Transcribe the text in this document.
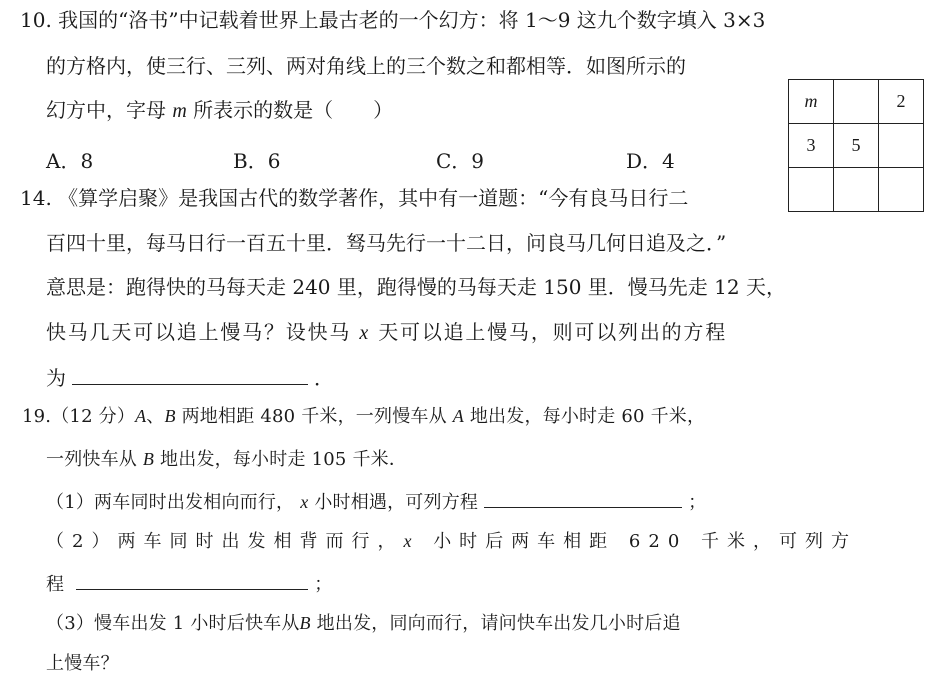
10. 我国的“洛书”中记载着世界上最古老的一个幻方：将 1～9 这九个数字填入 3×3
的方格内，使三行、三列、两对角线上的三个数之和都相等．如图所示的
幻方中，字母 m 所表示的数是（　　）
A．8	B．6	C．9	D．4
m		2
3	5	

14. 《算学启聚》是我国古代的数学著作，其中有一道题：“今有良马日行二
百四十里，每马日行一百五十里．驽马先行一十二日，问良马几何日追及之．”
意思是：跑得快的马每天走 240 里，跑得慢的马每天走 150 里．慢马先走 12 天，
快马几天可以追上慢马？设快马 x 天可以追上慢马，则可以列出的方程
为	．
19.（12 分）A、B 两地相距 480 千米，一列慢车从 A 地出发，每小时走 60 千米，
一列快车从 B 地出发，每小时走 105 千米．
（1）两车同时出发相向而行， x 小时相遇，可列方程	；
（2）两车同时出发相背而行，x 小时后两车相距 620 千米，可列方
程	；
（3）慢车出发 1 小时后快车从B 地出发，同向而行，请问快车出发几小时后追
上慢车？
